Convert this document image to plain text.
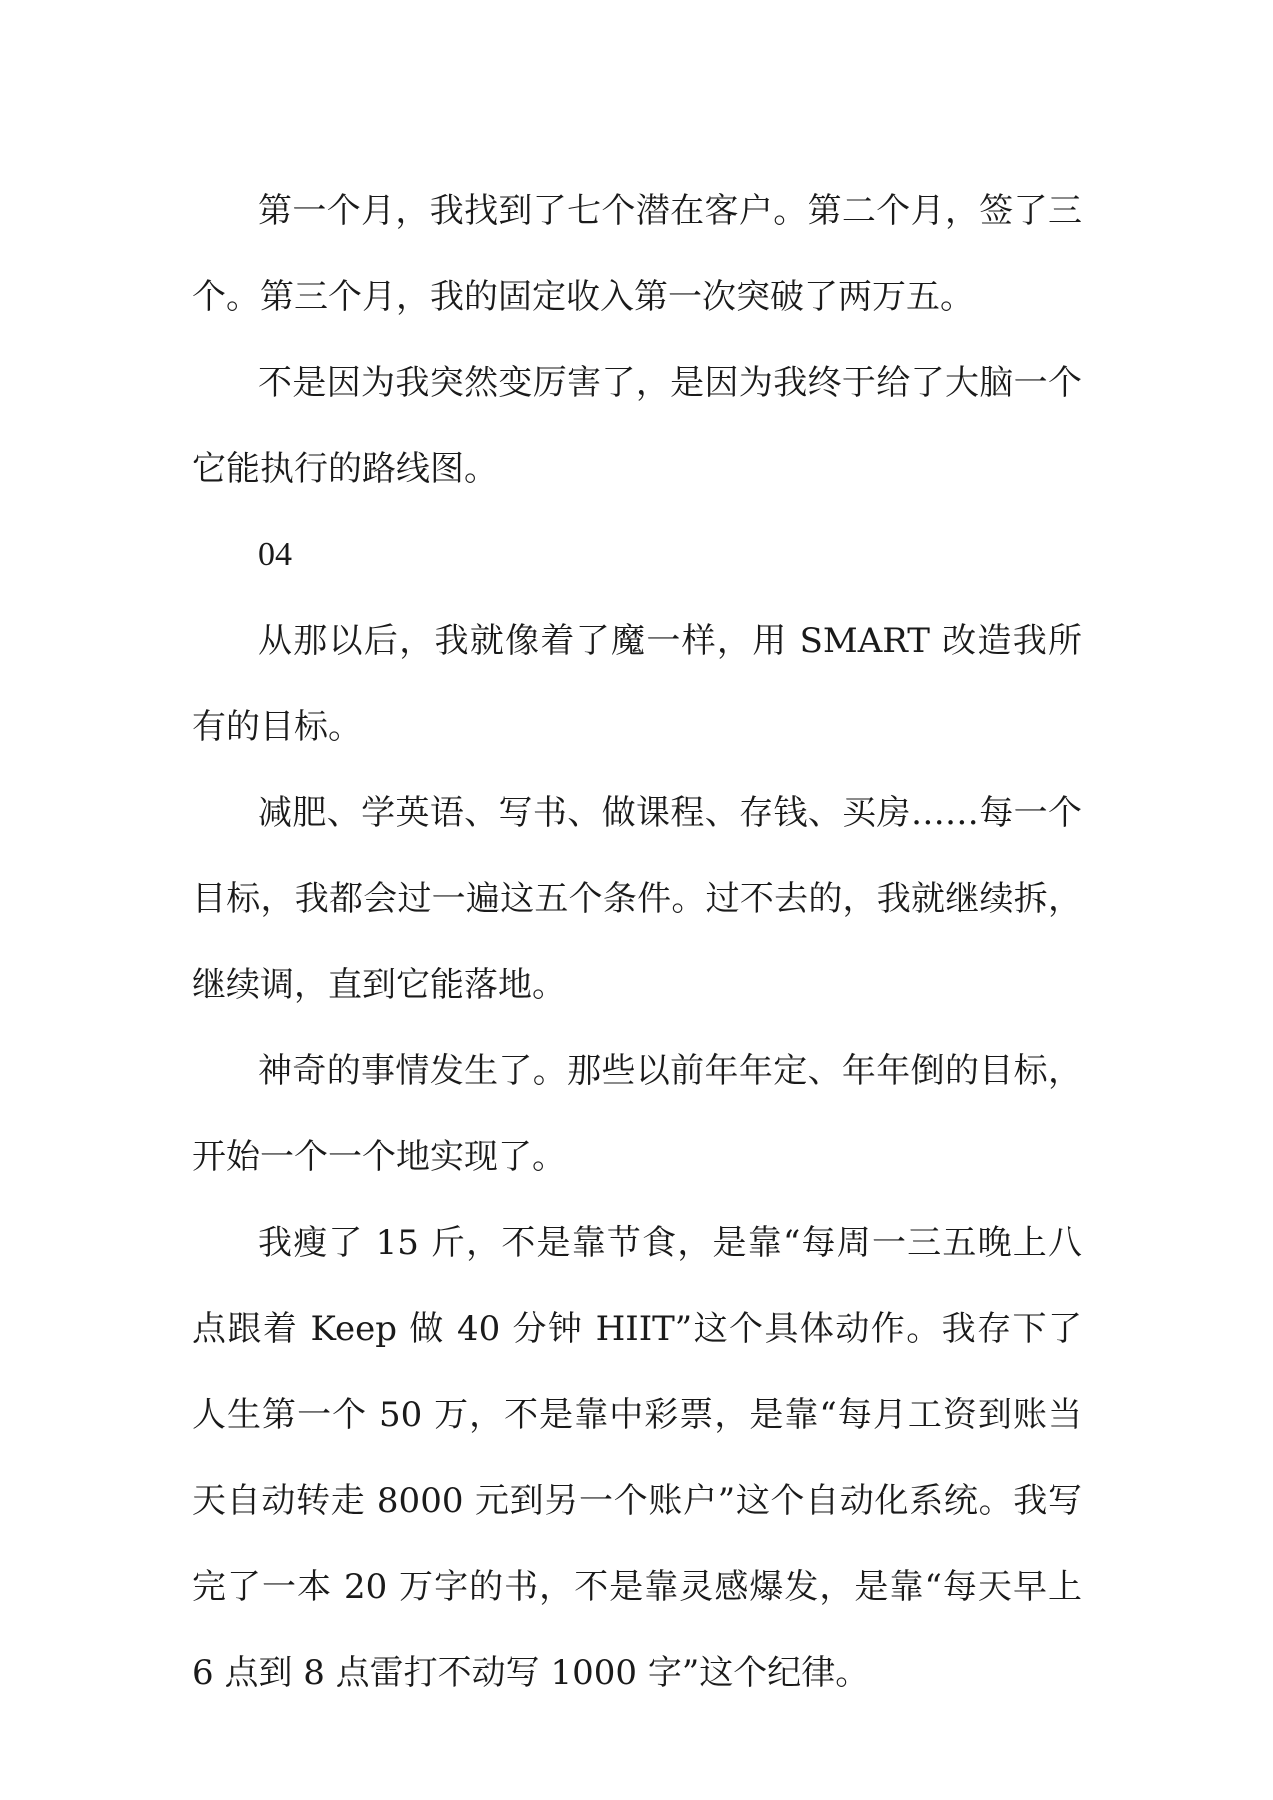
第一个月，我找到了七个潜在客户。第二个月，签了三个。第三个月，我的固定收入第一次突破了两万五。

不是因为我突然变厉害了，是因为我终于给了大脑一个它能执行的路线图。

04

从那以后，我就像着了魔一样，用 SMART 改造我所有的目标。

减肥、学英语、写书、做课程、存钱、买房……每一个目标，我都会过一遍这五个条件。过不去的，我就继续拆，继续调，直到它能落地。

神奇的事情发生了。那些以前年年定、年年倒的目标，开始一个一个地实现了。

我瘦了 15 斤，不是靠节食，是靠“每周一三五晚上八点跟着 Keep 做 40 分钟 HIIT”这个具体动作。我存下了人生第一个 50 万，不是靠中彩票，是靠“每月工资到账当天自动转走 8000 元到另一个账户”这个自动化系统。我写完了一本 20 万字的书，不是靠灵感爆发，是靠“每天早上 6 点到 8 点雷打不动写 1000 字”这个纪律。
